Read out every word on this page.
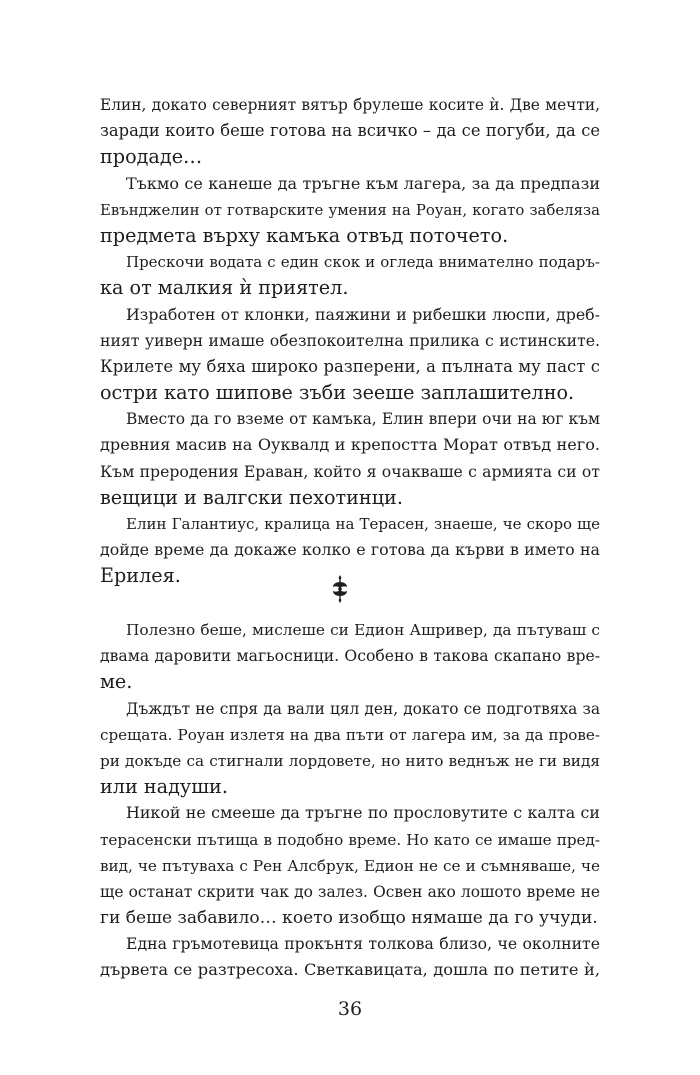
Елин, докато северният вятър брулеше косите ѝ. Две мечти,
заради които беше готова на всичко – да се погуби, да се
продаде…
Тъкмо се канеше да тръгне към лагера, за да предпази
Евънджелин от готварските умения на Роуан, когато забеляза
предмета върху камъка отвъд поточето.
Прескочи водата с един скок и огледа внимателно подаръ-
ка от малкия ѝ приятел.
Изработен от клонки, паяжини и рибешки люспи, дреб-
ният уиверн имаше обезпокоителна прилика с истинските.
Крилете му бяха широко разперени, а пълната му паст с
остри като шипове зъби зееше заплашително.
Вместо да го вземе от камъка, Елин впери очи на юг към
древния масив на Оуквалд и крепостта Морат отвъд него.
Към преродения Ераван, който я очакваше с армията си от
вещици и валгски пехотинци.
Елин Галантиус, кралица на Терасен, знаеше, че скоро ще
дойде време да докаже колко е готова да кърви в името на
Ерилея.
Полезно беше, мислеше си Едион Ашривер, да пътуваш с
двама даровити магьосници. Особено в такова скапано вре-
ме.
Дъждът не спря да вали цял ден, докато се подготвяха за
срещата. Роуан излетя на два пъти от лагера им, за да прове-
ри докъде са стигнали лордовете, но нито веднъж не ги видя
или надуши.
Никой не смееше да тръгне по прословутите с калта си
терасенски пътища в подобно време. Но като се имаше пред-
вид, че пътуваха с Рен Алсбрук, Едион не се и съмняваше, че
ще останат скрити чак до залез. Освен ако лошото време не
ги беше забавило… което изобщо нямаше да го учуди.
Една гръмотевица прокънтя толкова близо, че околните
дървета се разтресоха. Светкавицата, дошла по петите ѝ,
36
